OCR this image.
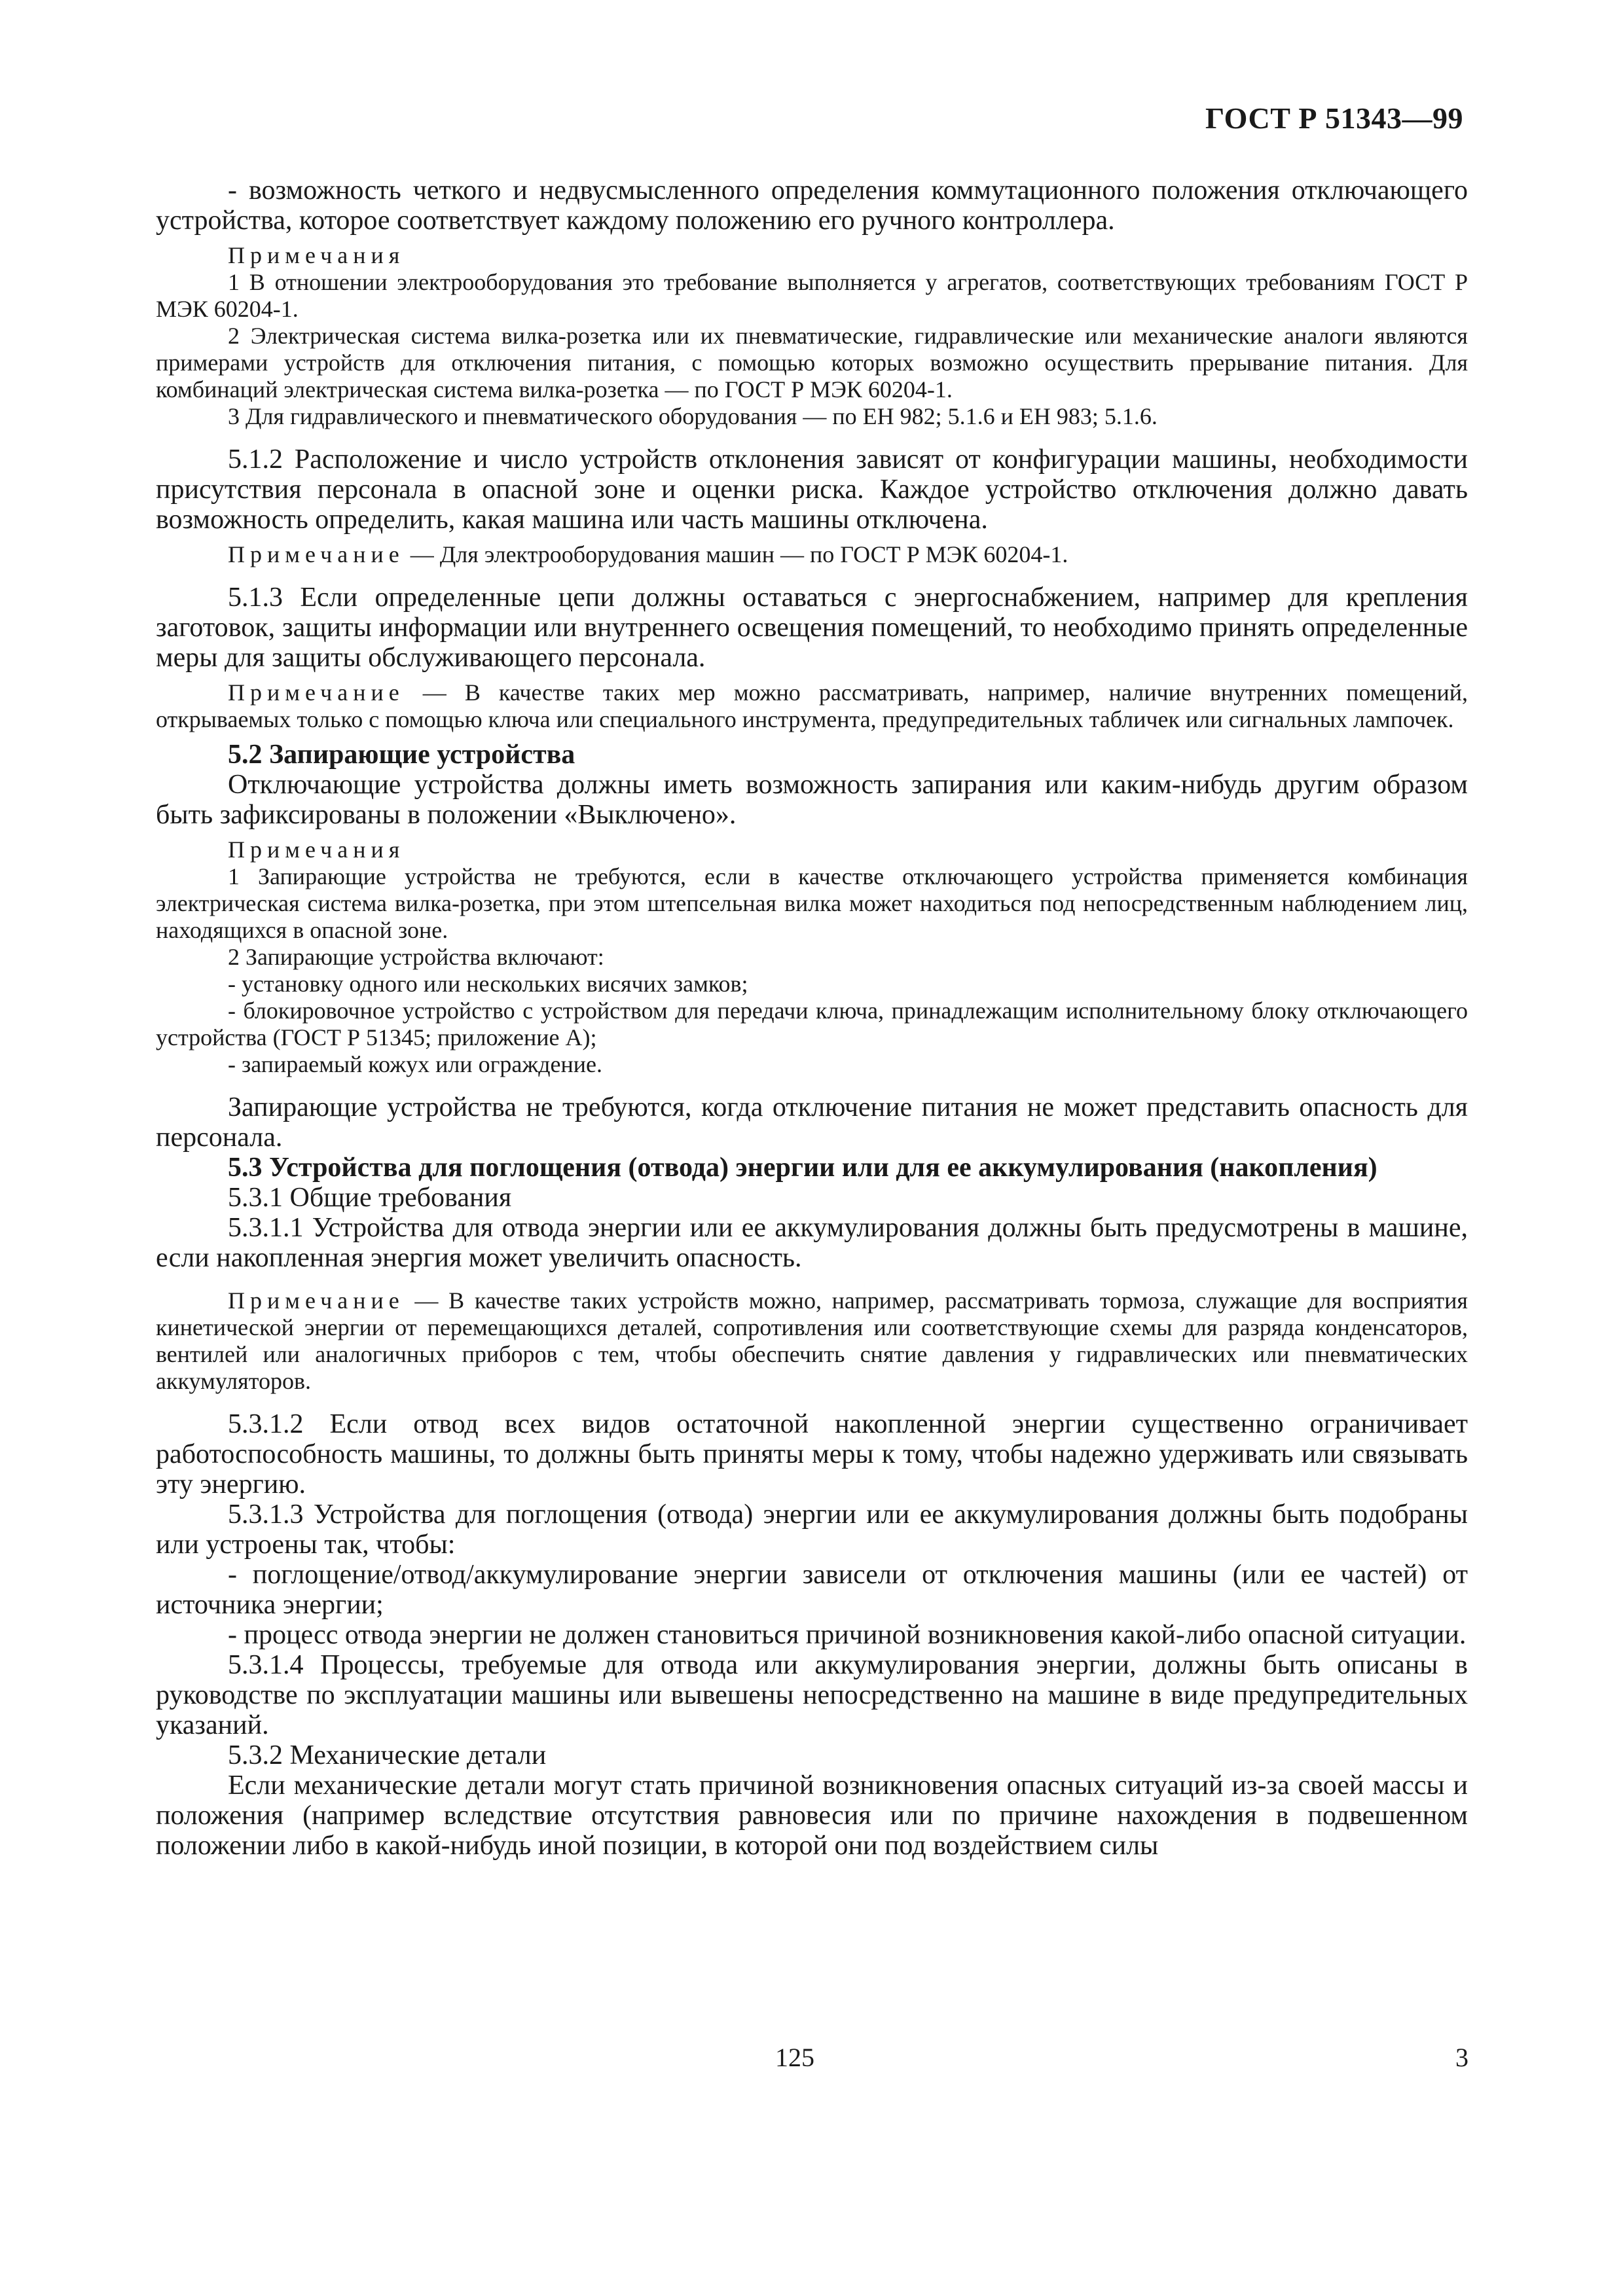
ГОСТ Р 51343—99

- возможность четкого и недвусмысленного определения коммутационного положения отключающего устройства, которое соответствует каждому положению его ручного контроллера.

Примечания

1 В отношении электрооборудования это требование выполняется у агрегатов, соответствующих требованиям ГОСТ Р МЭК 60204-1.

2 Электрическая система вилка-розетка или их пневматические, гидравлические или механические аналоги являются примерами устройств для отключения питания, с помощью которых возможно осуществить прерывание питания. Для комбинаций электрическая система вилка-розетка — по ГОСТ Р МЭК 60204-1.

3 Для гидравлического и пневматического оборудования — по ЕН 982; 5.1.6 и ЕН 983; 5.1.6.

5.1.2 Расположение и число устройств отклонения зависят от конфигурации машины, необходимости присутствия персонала в опасной зоне и оценки риска. Каждое устройство отключения должно давать возможность определить, какая машина или часть машины отключена.

Примечание — Для электрооборудования машин — по ГОСТ Р МЭК 60204-1.

5.1.3 Если определенные цепи должны оставаться с энергоснабжением, например для крепления заготовок, защиты информации или внутреннего освещения помещений, то необходимо принять определенные меры для защиты обслуживающего персонала.

Примечание — В качестве таких мер можно рассматривать, например, наличие внутренних помещений, открываемых только с помощью ключа или специального инструмента, предупредительных табличек или сигнальных лампочек.

5.2 Запирающие устройства

Отключающие устройства должны иметь возможность запирания или каким-нибудь другим образом быть зафиксированы в положении «Выключено».

Примечания

1 Запирающие устройства не требуются, если в качестве отключающего устройства применяется комбинация электрическая система вилка-розетка, при этом штепсельная вилка может находиться под непосредственным наблюдением лиц, находящихся в опасной зоне.

2 Запирающие устройства включают:

- установку одного или нескольких висячих замков;

- блокировочное устройство с устройством для передачи ключа, принадлежащим исполнительному блоку отключающего устройства (ГОСТ Р 51345; приложение А);

- запираемый кожух или ограждение.

Запирающие устройства не требуются, когда отключение питания не может представить опасность для персонала.

5.3 Устройства для поглощения (отвода) энергии или для ее аккумулирования (накопления)

5.3.1 Общие требования

5.3.1.1 Устройства для отвода энергии или ее аккумулирования должны быть предусмотрены в машине, если накопленная энергия может увеличить опасность.

Примечание — В качестве таких устройств можно, например, рассматривать тормоза, служащие для восприятия кинетической энергии от перемещающихся деталей, сопротивления или соответствующие схемы для разряда конденсаторов, вентилей или аналогичных приборов с тем, чтобы обеспечить снятие давления у гидравлических или пневматических аккумуляторов.

5.3.1.2 Если отвод всех видов остаточной накопленной энергии существенно ограничивает работоспособность машины, то должны быть приняты меры к тому, чтобы надежно удерживать или связывать эту энергию.

5.3.1.3 Устройства для поглощения (отвода) энергии или ее аккумулирования должны быть подобраны или устроены так, чтобы:

- поглощение/отвод/аккумулирование энергии зависели от отключения машины (или ее частей) от источника энергии;

- процесс отвода энергии не должен становиться причиной возникновения какой-либо опасной ситуации.

5.3.1.4 Процессы, требуемые для отвода или аккумулирования энергии, должны быть описаны в руководстве по эксплуатации машины или вывешены непосредственно на машине в виде предупредительных указаний.

5.3.2 Механические детали

Если механические детали могут стать причиной возникновения опасных ситуаций из-за своей массы и положения (например вследствие отсутствия равновесия или по причине нахождения в подвешенном положении либо в какой-нибудь иной позиции, в которой они под воздействием силы

125	3
